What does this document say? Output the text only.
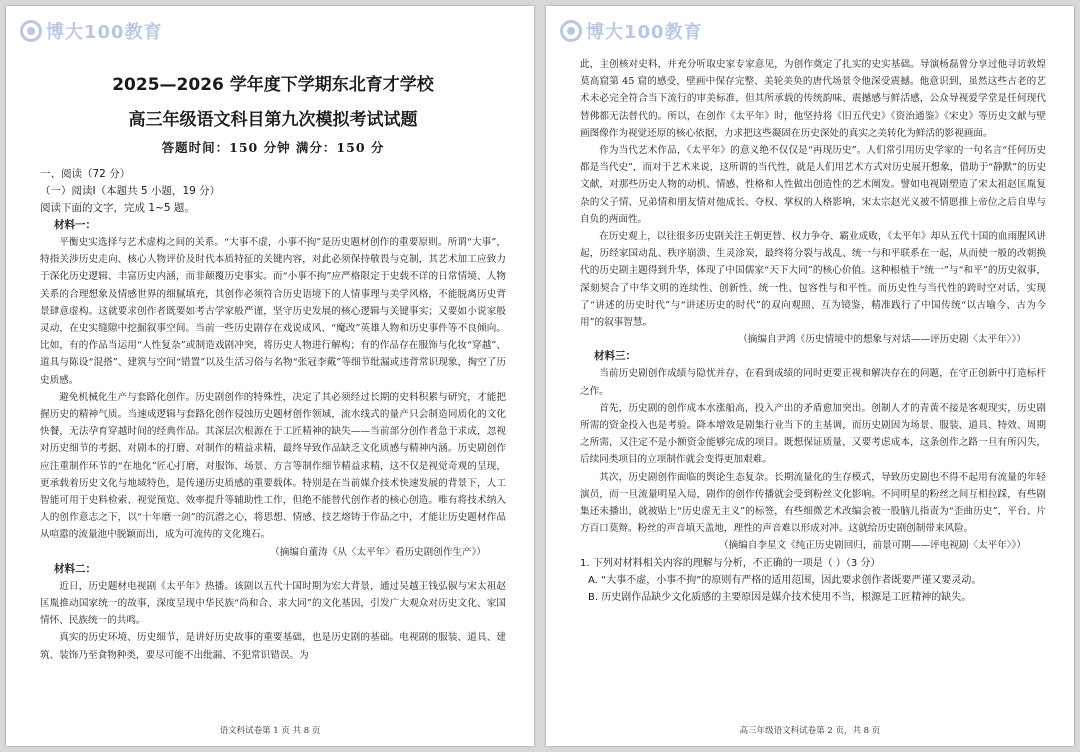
博大100教育
2025—2026 学年度下学期东北育才学校
高三年级语文科目第九次模拟考试试题
答题时间：150 分钟 满分：150 分
一、阅读（72 分）
（一）阅读Ⅰ（本题共 5 小题，19 分）
阅读下面的文字，完成 1~5 题。
材料一：

平衡史实选择与艺术虚构之间的关系。“大事不虚，小事不拘”是历史题材创作的重要原则。所谓“大事”，特指关涉历史走向、核心人物评价及时代本质特征的关键内容，对此必须保持敬畏与克制，其艺术加工应致力于深化历史逻辑、丰富历史内涵，而非颠覆历史事实。而“小事不拘”应严格限定于史载不详的日常情境、人物关系的合理想象及情感世界的细腻填充，其创作必须符合历史语境下的人情事理与美学风格，不能脱离历史背景肆意虚构。这就要求创作者既要如考古学家般严谨，坚守历史发展的核心逻辑与关键事实；又要如小说家般灵动，在史实缝隙中挖掘叙事空间。当前一些历史剧存在戏说成风、“魔改”英雄人物和历史事件等不良倾向。比如，有的作品当运用“人性复杂”或制造戏剧冲突，将历史人物进行解构；有的作品存在服饰与化妆“穿越”、道具与陈设“混搭”、建筑与空间“错置”以及生活习俗与名物“张冠李戴”等细节纰漏或违背常识现象，掏空了历史质感。

避免机械化生产与套路化创作。历史剧创作的特殊性，决定了其必须经过长期的史料积累与研究，才能把握历史的精神气质。当速成逻辑与套路化创作侵蚀历史题材创作领域，流水线式的量产只会制造同质化的文化快餐，无法孕育穿越时间的经典作品。其深层次根源在于工匠精神的缺失——当前部分创作者急于求成，忽视对历史细节的考据、对剧本的打磨、对制作的精益求精，最终导致作品缺乏文化质感与精神内涵。历史剧创作应注重制作环节的“在地化”匠心打磨，对服饰、场景、方言等制作细节精益求精，这不仅是视觉奇观的呈现，更承载着历史文化与地域特色，是传递历史质感的重要载体。特别是在当前媒介技术快速发展的背景下，人工智能可用于史料检索、视觉预览、效率提升等辅助性工作，但绝不能替代创作者的核心创造。唯有将技术纳入人的创作意志之下，以“十年磨一剑”的沉潜之心，将思想、情感、技艺熔铸于作品之中，才能让历史题材作品从喧嚣的流量池中脱颖而出，成为可流传的文化瑰石。

（摘编自董涛《从〈太平年〉看历史剧创作生产》）
材料二：

近日，历史题材电视剧《太平年》热播。该剧以五代十国时期为宏大背景，通过吴越王钱弘俶与宋太祖赵匡胤推动国家统一的故事，深度呈现中华民族“尚和合、求大同”的文化基因，引发广大观众对历史文化、家国情怀、民族统一的共鸣。

真实的历史环境、历史细节，是讲好历史故事的重要基础，也是历史剧的基础。电视剧的服装、道具、建筑、装饰乃至食物种类，要尽可能不出纰漏、不犯常识错误。为

语文科试卷第 1 页 共 8 页
博大100教育

此，主创核对史料，并充分听取史家专家意见，为创作奠定了扎实的史实基础。导演杨磊曾分享过他寻访敦煌莫高窟第 45 窟的感受，壁画中保存完整、美轮美奂的唐代场景令他深受震撼。他意识到，虽然这些古老的艺术未必完全符合当下流行的审美标准，但其所承载的传统韵味、震撼感与鲜活感，公众导视爱学堂是任何现代替佛都无法替代的。所以，在创作《太平年》时，他坚持将《旧五代史》《资治通鉴》《宋史》等历史文献与壁画图像作为视觉还原的核心依据，力求把这些凝固在历史深处的真实之美转化为鲜活的影视画面。

作为当代艺术作品，《太平年》的意义绝不仅仅是“再现历史”。人们常引用历史学家的一句名言“任何历史都是当代史”，而对于艺术来说，这所谓的当代性，就是人们用艺术方式对历史展开想象，借助于“静默”的历史文献，对那些历史人物的动机、情感、性格和人性做出创造性的艺术阐发。譬如电视剧塑造了宋太祖赵匡胤复杂的父子情、兄弟情和朋友情对他成长、夺权、掌权的人格影响，宋太宗赵光义被不情愿推上帝位之后自卑与自负的两面性。

在历史观上，以往很多历史剧关注王朝更替、权力争夺、霸业成败，《太平年》却从五代十国的血雨腥风讲起，历经家国动乱、秩序崩溃、生灵涂炭，最终将分裂与战乱、统一与和平联系在一起，从而使一般的改朝换代的历史剧主题得到升华，体现了中国儒家“天下大同”的核心价值。这种根植于“统一”与“和平”的历史叙事，深刻契合了中华文明的连续性、创新性、统一性、包容性与和平性。而历史性与当代性的跨时空对话，实现了“讲述的历史时代”与“讲述历史的时代”的双向观照、互为镜鉴，精准践行了中国传统“以古喻今、古为今用”的叙事智慧。

（摘编自尹鸿《历史情境中的想象与对话——评历史剧〈太平年〉》）
材料三：

当前历史剧创作成绩与隐忧并存，在看到成绩的同时更要正视和解决存在的问题，在守正创新中打造标杆之作。

首先，历史剧的创作成本水涨船高，投入产出的矛盾愈加突出。创制人才的青黄不接是客观现实，历史剧所需的资金投入也是考验。降本增效是剧集行业当下的主基调，而历史剧因为场景、服装、道具、特效、周期之所需，又注定不是小额资金能够完成的项目。既想保证质量，又要考虑成本，这条创作之路一旦有所闪失，后续同类项目的立项制作就会变得更加艰难。

其次，历史剧创作面临的舆论生态复杂。长期流量化的生存模式，导致历史剧也不得不起用有流量的年轻演员，而一旦流量明星入局，剧作的创作传播就会受到粉丝文化影响。不同明星的粉丝之间互相拉踩，有些剧集还未播出，就被贴上“历史虚无主义”的标签，有些细微艺术改编会被一股脑儿指责为“歪曲历史”，平台、片方百口莫辩。粉丝的声音填天盖地，理性的声音难以形成对冲。这就给历史剧创制带来风险。

（摘编自李星文《纯正历史剧回归，前景可期——评电视剧〈太平年〉》）
1. 下列对材料相关内容的理解与分析，不正确的一项是（ ）（3 分）
A. “大事不虚，小事不拘”的原则有严格的适用范围，因此要求创作者既要严谨又要灵动。
B. 历史剧作品缺少文化质感的主要原因是媒介技术使用不当，根源是工匠精神的缺失。
高三年级语文科试卷第 2 页，共 8 页
